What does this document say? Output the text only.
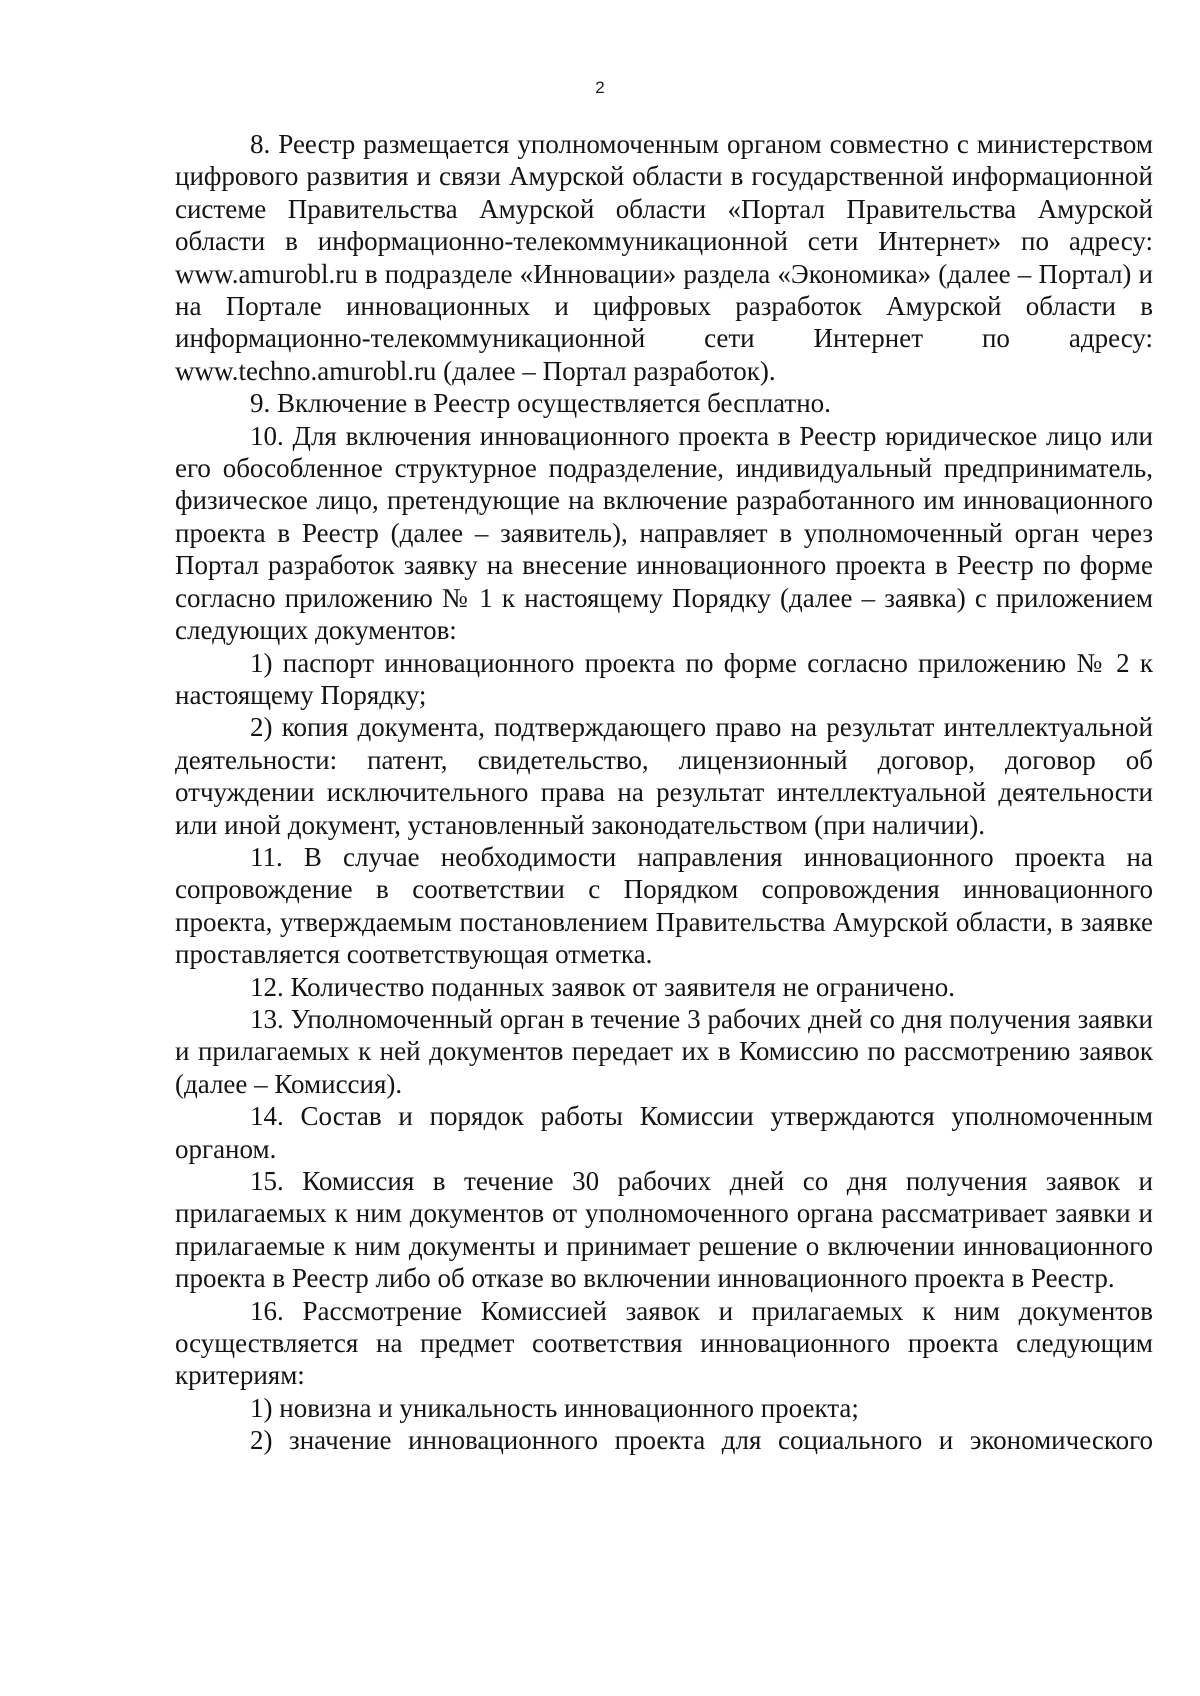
2

8. Реестр размещается уполномоченным органом совместно с министерством цифрового развития и связи Амурской области в государственной информационной системе Правительства Амурской области «Портал Правительства Амурской области в информационно-телекоммуникационной сети Интернет» по адресу: www.amurobl.ru в подразделе «Инновации» раздела «Экономика» (далее – Портал) и на Портале инновационных и цифровых разработок Амурской области в информационно-телекоммуникационной сети Интернет по адресу: www.techno.amurobl.ru (далее – Портал разработок).

9. Включение в Реестр осуществляется бесплатно.

10. Для включения инновационного проекта в Реестр юридическое лицо или его обособленное структурное подразделение, индивидуальный предприниматель, физическое лицо, претендующие на включение разработанного им инновационного проекта в Реестр (далее – заявитель), направляет в уполномоченный орган через Портал разработок заявку на внесение инновационного проекта в Реестр по форме согласно приложению № 1 к настоящему Порядку (далее – заявка) с приложением следующих документов:

1) паспорт инновационного проекта по форме согласно приложению № 2 к настоящему Порядку;

2) копия документа, подтверждающего право на результат интеллектуальной деятельности: патент, свидетельство, лицензионный договор, договор об отчуждении исключительного права на результат интеллектуальной деятельности или иной документ, установленный законодательством (при наличии).

11. В случае необходимости направления инновационного проекта на сопровождение в соответствии с Порядком сопровождения инновационного проекта, утверждаемым постановлением Правительства Амурской области, в заявке проставляется соответствующая отметка.

12. Количество поданных заявок от заявителя не ограничено.

13. Уполномоченный орган в течение 3 рабочих дней со дня получения заявки и прилагаемых к ней документов передает их в Комиссию по рассмотрению заявок (далее – Комиссия).

14. Состав и порядок работы Комиссии утверждаются уполномоченным органом.

15. Комиссия в течение 30 рабочих дней со дня получения заявок и прилагаемых к ним документов от уполномоченного органа рассматривает заявки и прилагаемые к ним документы и принимает решение о включении инновационного проекта в Реестр либо об отказе во включении инновационного проекта в Реестр.

16. Рассмотрение Комиссией заявок и прилагаемых к ним документов осуществляется на предмет соответствия инновационного проекта следующим критериям:

1) новизна и уникальность инновационного проекта;

2) значение инновационного проекта для социального и экономического
